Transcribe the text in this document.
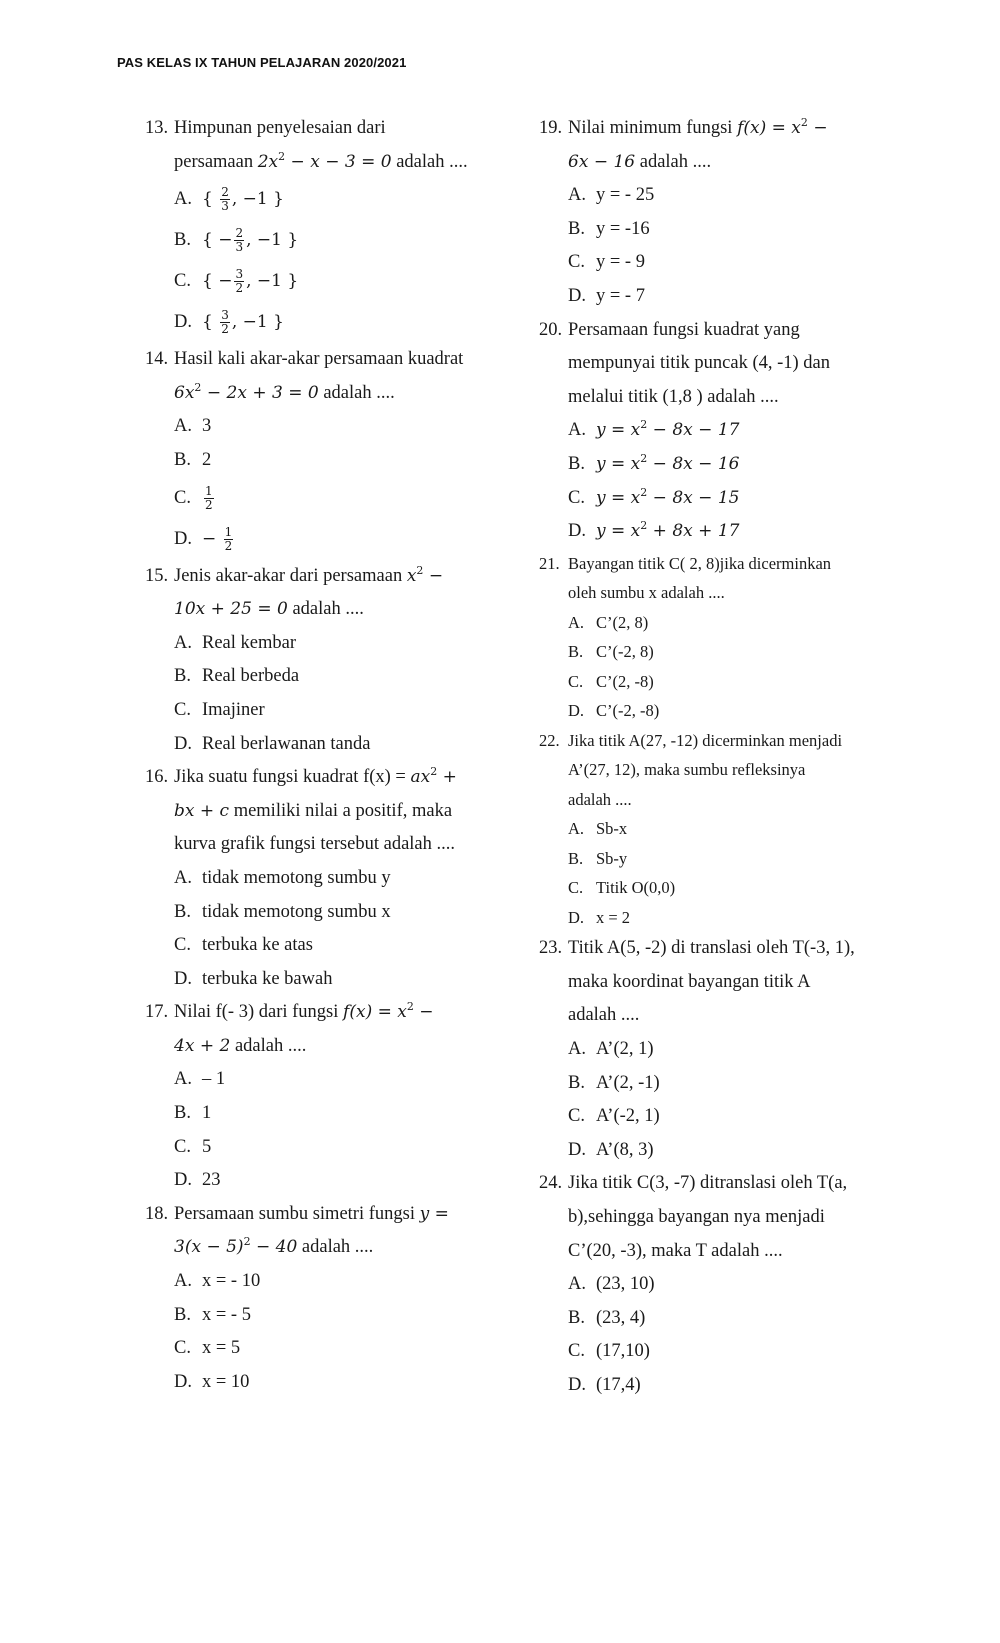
PAS KELAS IX TAHUN PELAJARAN 2020/2021
13. Himpunan penyelesaian dari
persamaan $2x^2 - x - 3 = 0$ adalah ....
A. { $\frac{2}{3}$ , −1 }
B. { − $\frac{2}{3}$ , −1 }
C. { − $\frac{3}{2}$ , −1 }
D. { $\frac{3}{2}$ , −1 }
14. Hasil kali akar-akar persamaan kuadrat
$6x^2 - 2x + 3 = 0$ adalah ....
A. 3
B. 2
C.	$\frac{1}{2}$
D. − $\frac{1}{2}$
15. Jenis akar-akar dari persamaan $x^2$ −
10x + 25 = 0 adalah ....
A. Real kembar
B. Real berbeda
C. Imajiner
D. Real berlawanan tanda
16. Jika suatu fungsi kuadrat $f(x) = ax^2$ +
bx + c memiliki nilai a positif, maka
kurva grafik fungsi tersebut adalah ....
A. tidak memotong sumbu y
B. tidak memotong sumbu x
C. terbuka ke atas
D. terbuka ke bawah
17. Nilai f(- 3) dari fungsi $f(x) = x^2$ −
4x + 2 adalah ....
A. – 1
B. 1
C. 5
D. 23
18. Persamaan sumbu simetri fungsi y =
$3(x - 5)^2 - 40$ adalah ....
A. x = - 10
B. x = - 5
C. x = 5
D. x = 10
19. Nilai minimum fungsi $f(x) = x^2$ −
6x − 16 adalah ....
A. y = - 25
B. y = -16
C. y = - 9
D. y = - 7
20. Persamaan fungsi kuadrat yang
mempunyai titik puncak (4, -1) dan
melalui titik (1,8 ) adalah ....
A. $y = x^2 - 8x - 17$
B. $y = x^2 - 8x - 16$
C. $y = x^2 - 8x - 15$
D. $y = x^2 + 8x + 17$
21. Bayangan titik C( 2, 8)jika dicerminkan
oleh sumbu x adalah ....
A. C’(2, 8)
B. C’(-2, 8)
C. C’(2, -8)
D. C’(-2, -8)
22. Jika titik A(27, -12) dicerminkan menjadi
A’(27, 12), maka sumbu refleksinya
adalah ....
A. Sb-x
B. Sb-y
C. Titik O(0,0)
D. x = 2
23. Titik A(5, -2) di translasi oleh T(-3, 1),
maka koordinat bayangan titik A
adalah ....
A. A’(2, 1)
B. A’(2, -1)
C. A’(-2, 1)
D. A’(8, 3)
24. Jika titik C(3, -7) ditranslasi oleh T(a,
b),sehingga bayangan nya menjadi
C’(20, -3), maka T adalah ....
A. (23, 10)
B. (23, 4)
C. (17,10)
D. (17,4)
